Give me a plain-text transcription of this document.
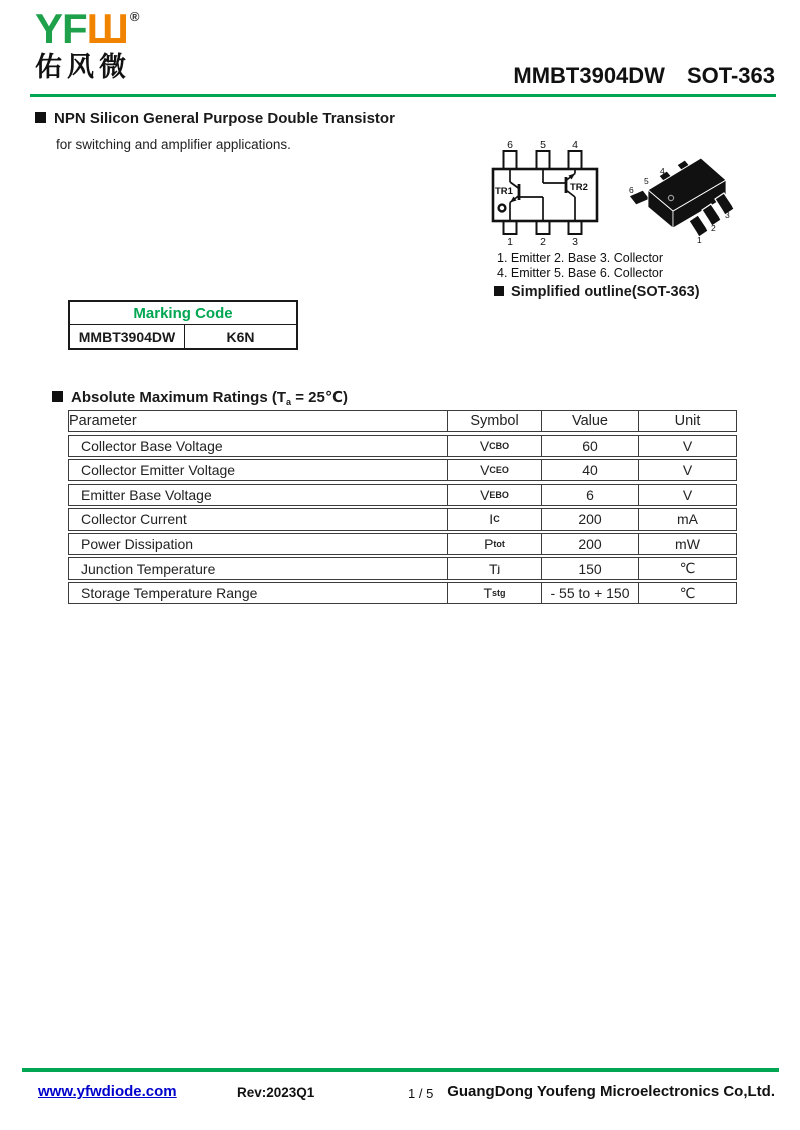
YFШ ®
佑风微	MMBT3904DW SOT-363
NPN Silicon General Purpose Double Transistor
for switching and amplifier applications.	6	5 4
1	2 3
TR1	TR2
4
5
6
1
2
3
1. Emitter 2. Base 3. Collector
4. Emitter 5. Base 6. Collector
Simplified outline(SOT-363)
Marking Code
MMBT3904DW	K6N
Absolute Maximum Ratings ($T_a$ = 25℃)
Parameter	Symbol	Value	Unit
Collector Base Voltage	V CBO	60	V
Collector Emitter Voltage	V CEO	40	V
Emitter Base Voltage	V EBO	6	V
Collector Current	I C	200	mA
Power Dissipation	P tot	200	mW
Junction Temperature	T j	150	℃
Storage Temperature Range	T stg	- 55 to + 150	℃
www.yfwdiode.com	Rev:2023Q1	1 / 5 GuangDong Youfeng Microelectronics Co,Ltd.
